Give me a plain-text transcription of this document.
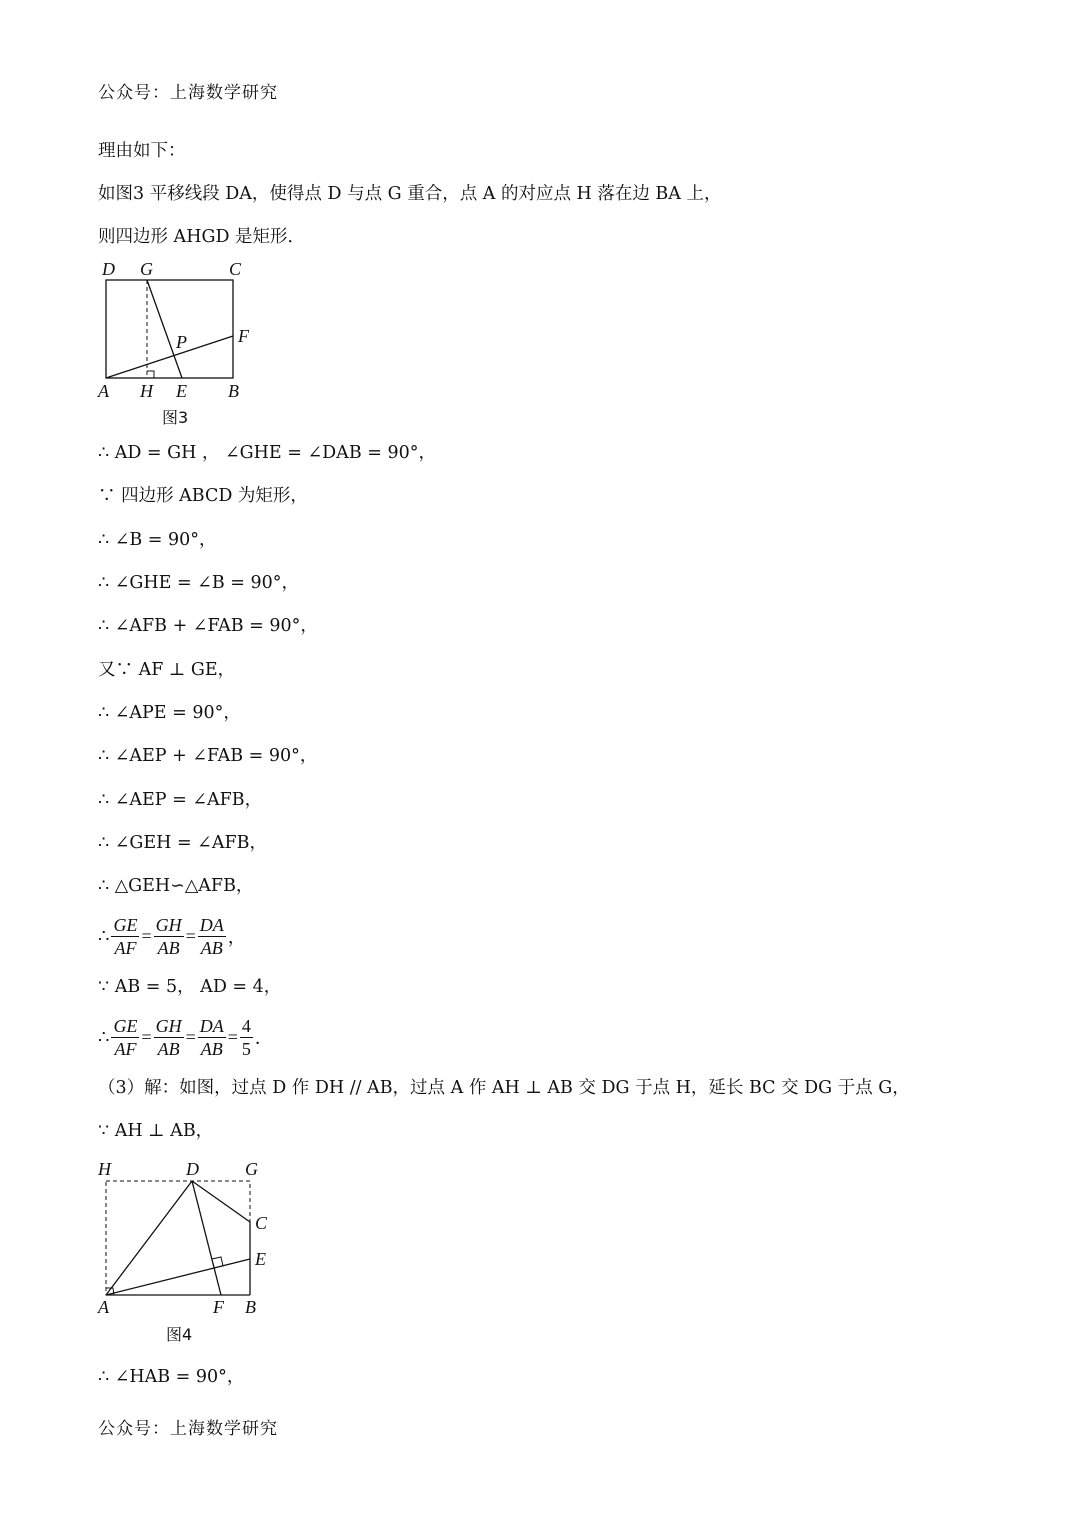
公众号：上海数学研究
理由如下：
如图3 平移线段 DA，使得点 D 与点 G 重合，点 A 的对应点 H 落在边 BA 上，
则四边形 AHGD 是矩形．
D G	C
F
P
A H E B
图3
∴ AD = GH ， ∠GHE = ∠DAB = 90°，
∵ 四边形 ABCD 为矩形，
∴ ∠B = 90°，
∴ ∠GHE = ∠B = 90°，
∴ ∠AFB + ∠FAB = 90°，
又∵ AF ⊥ GE，
∴ ∠APE = 90°，
∴ ∠AEP + ∠FAB = 90°，
∴ ∠AEP = ∠AFB，
∴ ∠GEH = ∠AFB，
∴ △GEH∽△AFB，
∴ $\frac{GE}{AF} = \frac{GH}{AB} = \frac{DA}{AB}$ ，
∵ AB = 5， AD = 4，
∴ $\frac{GE}{AF} = \frac{GH}{AB} = \frac{DA}{AB} = \frac{4}{5}$ ．
（3）解：如图，过点 D 作 DH // AB，过点 A 作 AH ⊥ AB 交 DG 于点 H，延长 BC 交 DG 于点 G，
∵ AH ⊥ AB，
H	D	G
C
E
A	F B
图4
∴ ∠HAB = 90°，
公众号：上海数学研究
